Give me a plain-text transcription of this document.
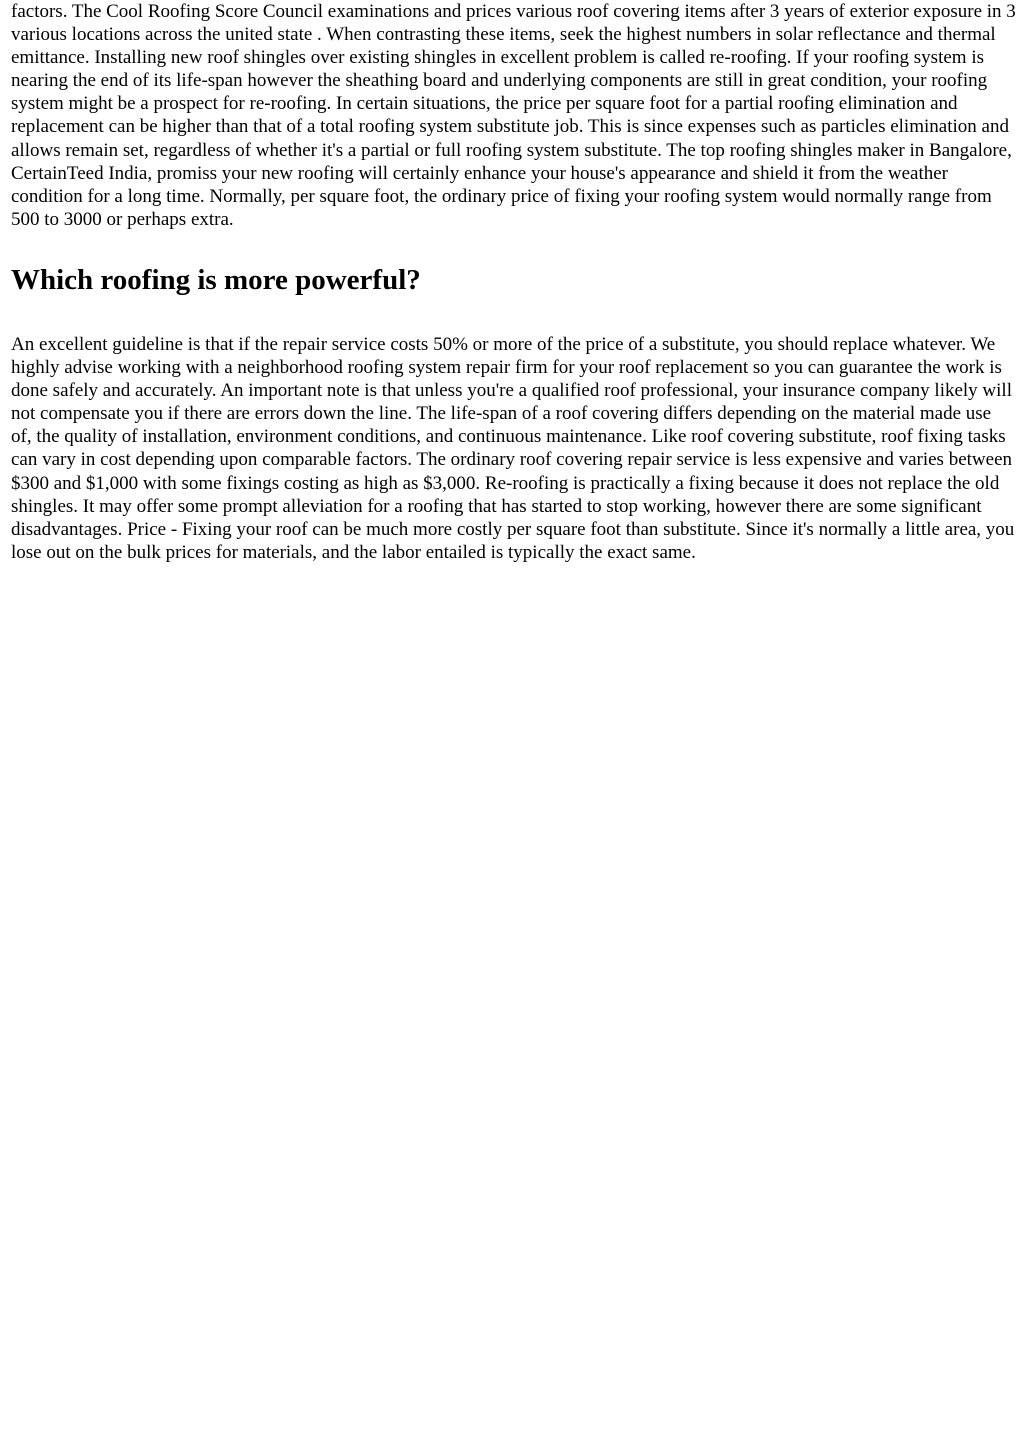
factors. The Cool Roofing Score Council examinations and prices various roof covering items after 3 years of exterior exposure in 3 various locations across the united state . When contrasting these items, seek the highest numbers in solar reflectance and thermal emittance. Installing new roof shingles over existing shingles in excellent problem is called re-roofing. If your roofing system is nearing the end of its life-span however the sheathing board and underlying components are still in great condition, your roofing system might be a prospect for re-roofing. In certain situations, the price per square foot for a partial roofing elimination and replacement can be higher than that of a total roofing system substitute job. This is since expenses such as particles elimination and allows remain set, regardless of whether it's a partial or full roofing system substitute. The top roofing shingles maker in Bangalore, CertainTeed India, promiss your new roofing will certainly enhance your house's appearance and shield it from the weather condition for a long time. Normally, per square foot, the ordinary price of fixing your roofing system would normally range from 500 to 3000 or perhaps extra.

Which roofing is more powerful?

An excellent guideline is that if the repair service costs 50% or more of the price of a substitute, you should replace whatever. We highly advise working with a neighborhood roofing system repair firm for your roof replacement so you can guarantee the work is done safely and accurately. An important note is that unless you're a qualified roof professional, your insurance company likely will not compensate you if there are errors down the line. The life-span of a roof covering differs depending on the material made use of, the quality of installation, environment conditions, and continuous maintenance. Like roof covering substitute, roof fixing tasks can vary in cost depending upon comparable factors. The ordinary roof covering repair service is less expensive and varies between $300 and $1,000 with some fixings costing as high as $3,000. Re-roofing is practically a fixing because it does not replace the old shingles. It may offer some prompt alleviation for a roofing that has started to stop working, however there are some significant disadvantages. Price - Fixing your roof can be much more costly per square foot than substitute. Since it's normally a little area, you lose out on the bulk prices for materials, and the labor entailed is typically the exact same.
